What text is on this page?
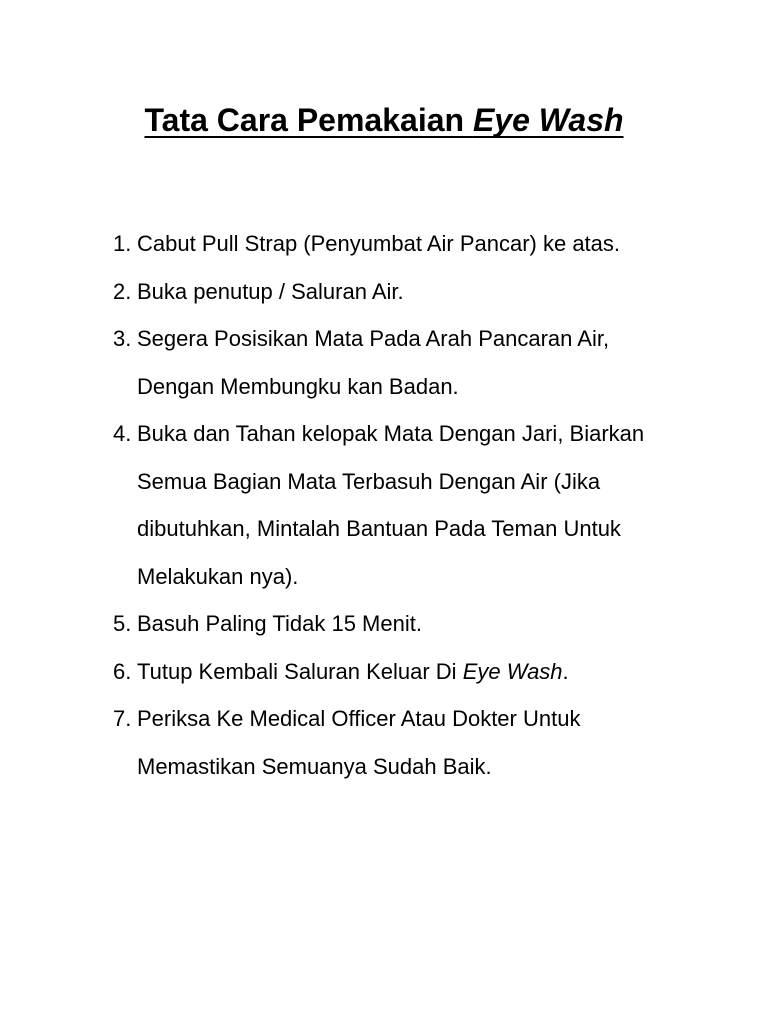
Tata Cara Pemakaian Eye Wash
1. Cabut Pull Strap (Penyumbat Air Pancar) ke atas.
2. Buka penutup / Saluran Air.
3. Segera Posisikan Mata Pada Arah Pancaran Air,
Dengan Membungku kan Badan.
4. Buka dan Tahan kelopak Mata Dengan Jari, Biarkan
Semua Bagian Mata Terbasuh Dengan Air (Jika
dibutuhkan, Mintalah Bantuan Pada Teman Untuk
Melakukan nya).
5. Basuh Paling Tidak 15 Menit.
6. Tutup Kembali Saluran Keluar Di Eye Wash.
7. Periksa Ke Medical Officer Atau Dokter Untuk
Memastikan Semuanya Sudah Baik.
